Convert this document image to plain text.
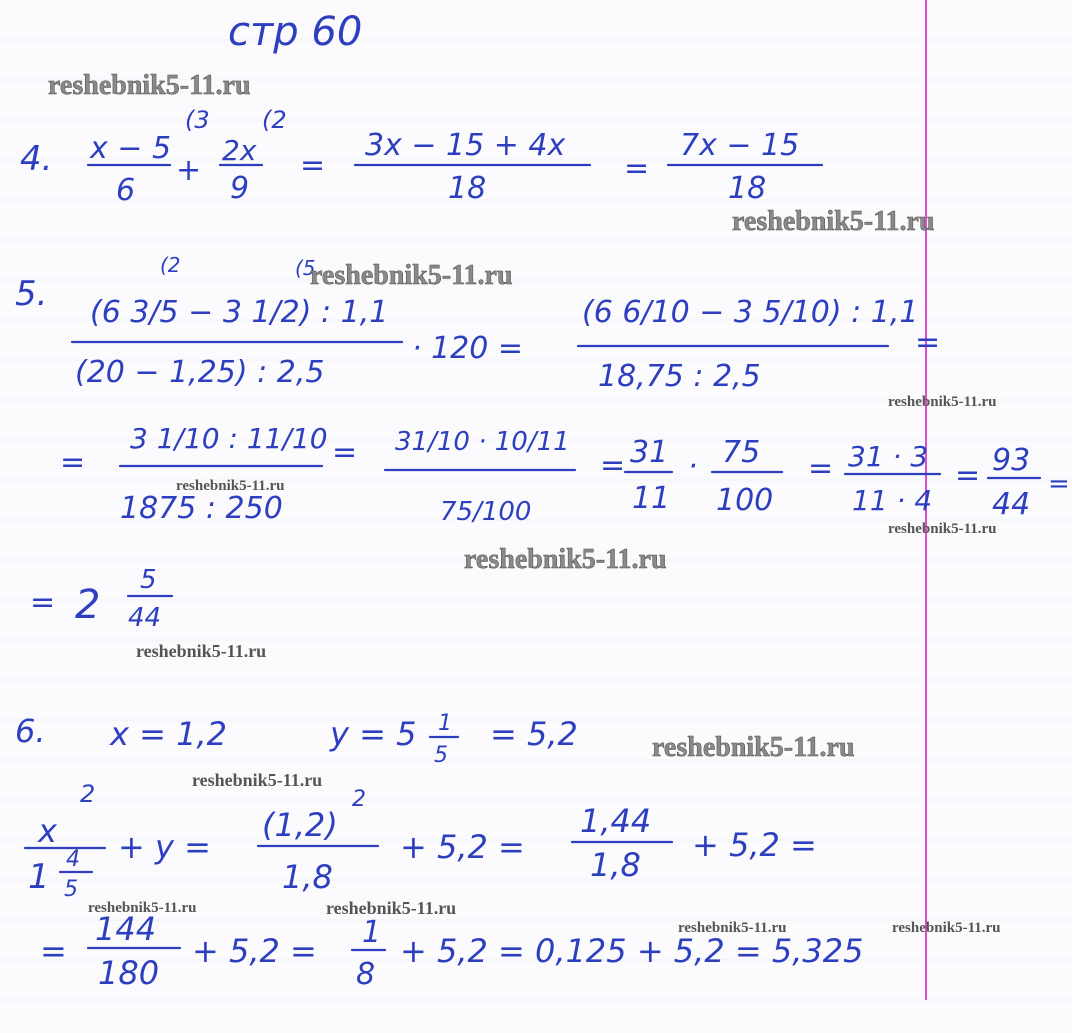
стр 60
4. x − 5
6
(3
+
2x
9
(2
=
3x − 15 + 4x
18
=
7x − 15
18
5. (6 3/5 − 3 1/2) : 1,1
(2	(5
(20 − 1,25) : 2,5
· 120 =
(6 6/10 − 3 5/10) : 1,1
18,75 : 2,5
=
=
3 1/10 : 11/10
1875 : 250
= 31/10 · 10/11
75/100
= 31
11
· 75
100
= 31 · 3
11 · 4
= 93
44
=
= 2
5
44
6. x = 1,2	y = 5 1
5
= 5,2
x
2
1 4
5
+ y =
(1,2)
2
1,8
+ 5,2 =
1,44
1,8
+ 5,2 =
=
144
180
+ 5,2 = 1
8
+ 5,2 = 0,125 + 5,2 = 5,325
reshebnik5-11.ru
reshebnik5-11.ru
reshebnik5-11.ru
reshebnik5-11.ru
reshebnik5-11.ru
reshebnik5-11.ru
reshebnik5-11.ru
reshebnik5-11.ru
reshebnik5-11.ru
reshebnik5-11.ru
reshebnik5-11.ru	reshebnik5-11.ru
reshebnik5-11.ru	reshebnik5-11.ru
